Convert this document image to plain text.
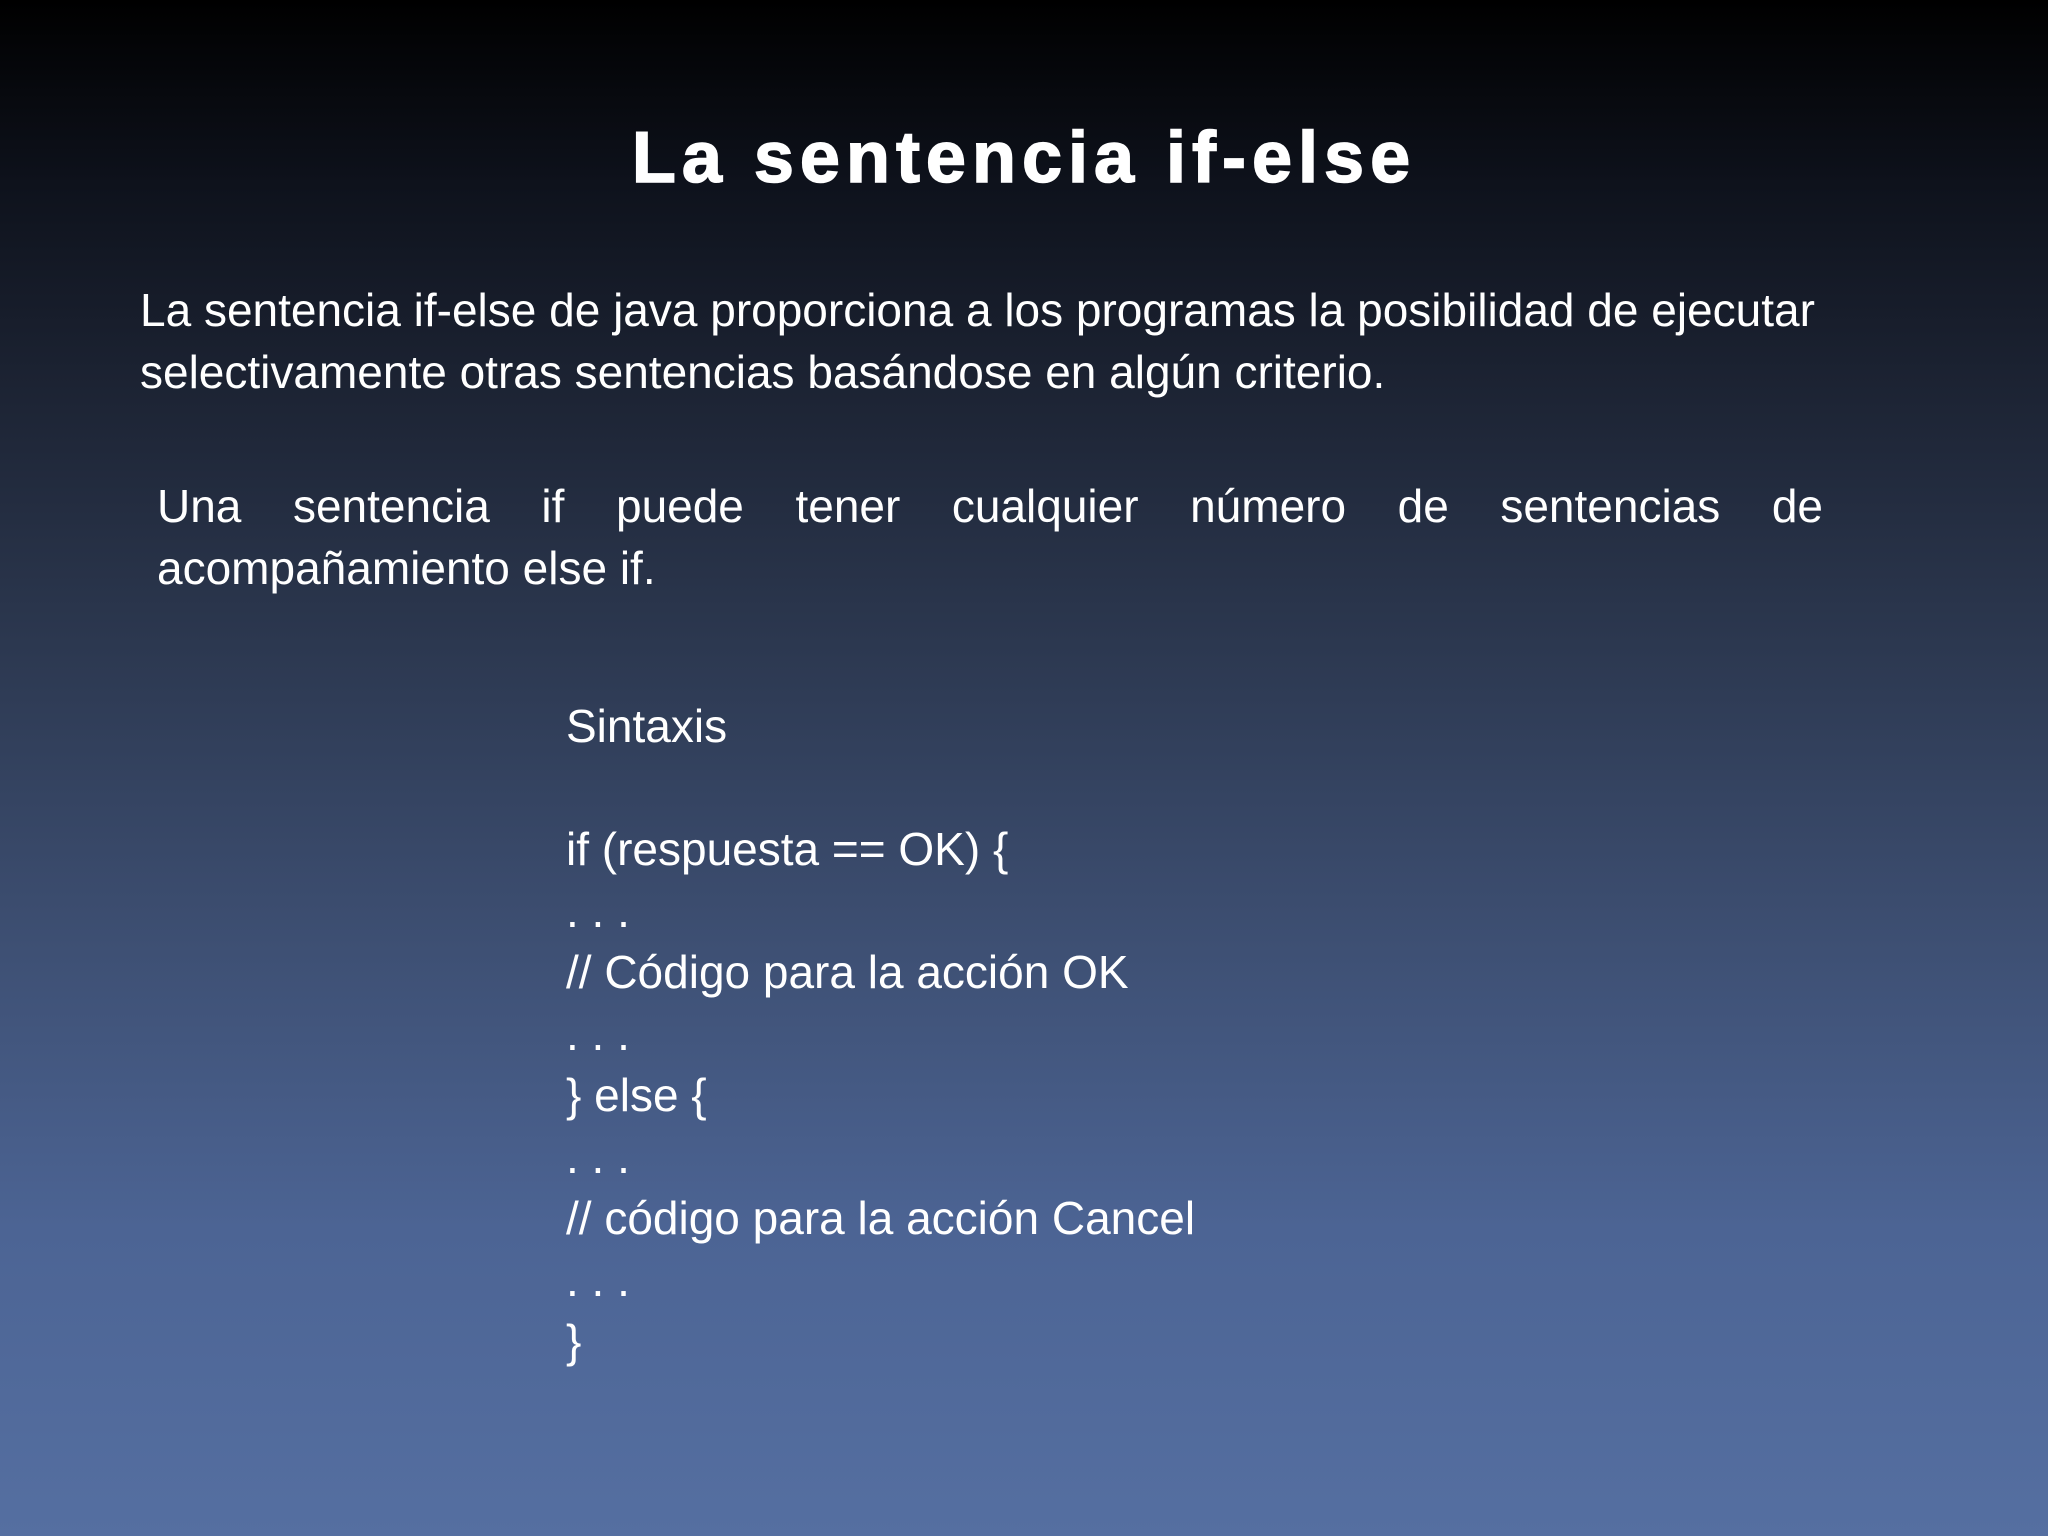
La sentencia if-else

La sentencia if-else de java proporciona a los programas la posibilidad de ejecutar selectivamente otras sentencias basándose en algún criterio.

Una sentencia if puede tener cualquier número de sentencias de acompañamiento else if.

Sintaxis

if (respuesta == OK) {

. . .

// Código para la acción OK

. . .

} else {

. . .

// código para la acción Cancel

. . .

}
